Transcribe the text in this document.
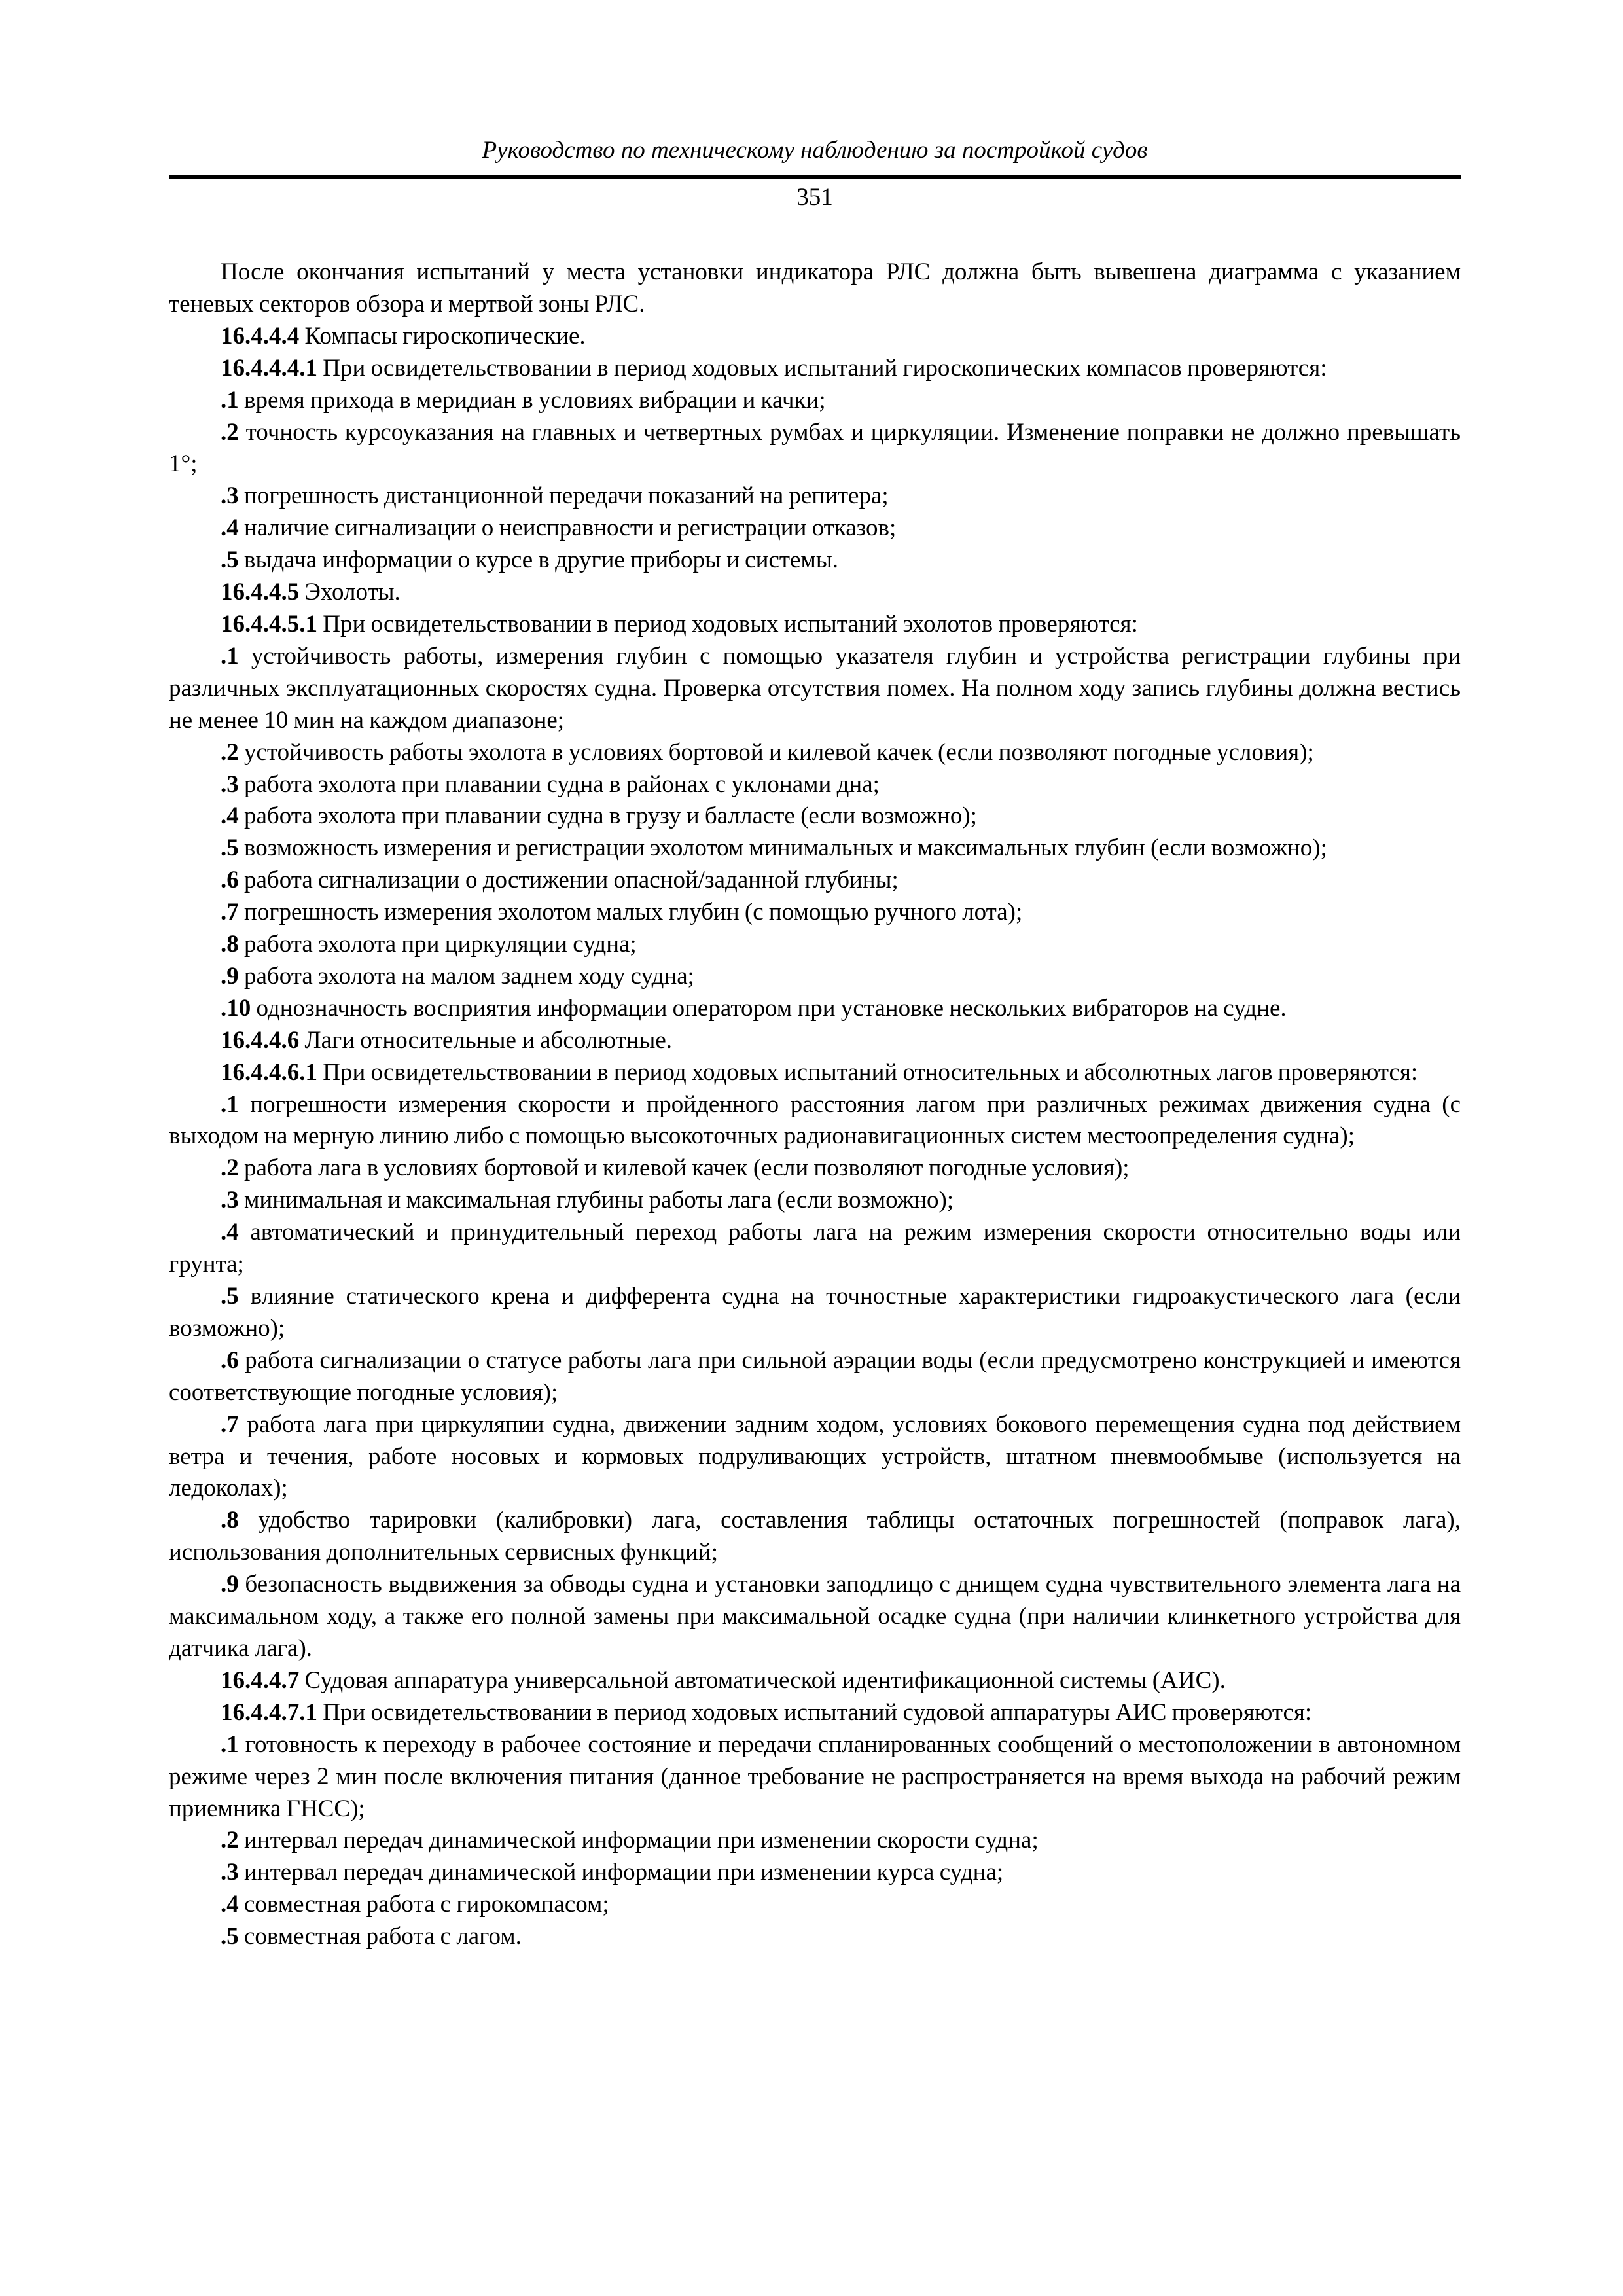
Руководство по техническому наблюдению за постройкой судов
351

После окончания испытаний у места установки индикатора РЛС должна быть вывешена диаграмма с указанием теневых секторов обзора и мертвой зоны РЛС.

16.4.4.4 Компасы гироскопические.

16.4.4.4.1 При освидетельствовании в период ходовых испытаний гироскопических компасов проверяются:

.1 время прихода в меридиан в условиях вибрации и качки;

.2 точность курсоуказания на главных и четвертных румбах и циркуляции. Изменение поправки не должно превышать 1°;

.3 погрешность дистанционной передачи показаний на репитера;

.4 наличие сигнализации о неисправности и регистрации отказов;

.5 выдача информации о курсе в другие приборы и системы.

16.4.4.5 Эхолоты.

16.4.4.5.1 При освидетельствовании в период ходовых испытаний эхолотов проверяются:

.1 устойчивость работы, измерения глубин с помощью указателя глубин и устройства регистрации глубины при различных эксплуатационных скоростях судна. Проверка отсутствия помех. На полном ходу запись глубины должна вестись не менее 10 мин на каждом диапазоне;

.2 устойчивость работы эхолота в условиях бортовой и килевой качек (если позволяют погодные условия);

.3 работа эхолота при плавании судна в районах с уклонами дна;

.4 работа эхолота при плавании судна в грузу и балласте (если возможно);

.5 возможность измерения и регистрации эхолотом минимальных и максимальных глубин (если возможно);

.6 работа сигнализации о достижении опасной/заданной глубины;

.7 погрешность измерения эхолотом малых глубин (с помощью ручного лота);

.8 работа эхолота при циркуляции судна;

.9 работа эхолота на малом заднем ходу судна;

.10 однозначность восприятия информации оператором при установке нескольких вибраторов на судне.

16.4.4.6 Лаги относительные и абсолютные.

16.4.4.6.1 При освидетельствовании в период ходовых испытаний относительных и абсолютных лагов проверяются:

.1 погрешности измерения скорости и пройденного расстояния лагом при различных режимах движения судна (с выходом на мерную линию либо с помощью высокоточных радионавигационных систем местоопределения судна);

.2 работа лага в условиях бортовой и килевой качек (если позволяют погодные условия);

.3 минимальная и максимальная глубины работы лага (если возможно);

.4 автоматический и принудительный переход работы лага на режим измерения скорости относительно воды или грунта;

.5 влияние статического крена и дифферента судна на точностные характеристики гидроакустического лага (если возможно);

.6 работа сигнализации о статусе работы лага при сильной аэрации воды (если предусмотрено конструкцией и имеются соответствующие погодные условия);

.7 работа лага при циркуляпии судна, движении задним ходом, условиях бокового перемещения судна под действием ветра и течения, работе носовых и кормовых подруливающих устройств, штатном пневмообмыве (используется на ледоколах);

.8 удобство тарировки (калибровки) лага, составления таблицы остаточных погрешностей (поправок лага), использования дополнительных сервисных функций;

.9 безопасность выдвижения за обводы судна и установки заподлицо с днищем судна чувствительного элемента лага на максимальном ходу, а также его полной замены при максимальной осадке судна (при наличии клинкетного устройства для датчика лага).

16.4.4.7 Судовая аппаратура универсальной автоматической идентификационной системы (АИС).

16.4.4.7.1 При освидетельствовании в период ходовых испытаний судовой аппаратуры АИС проверяются:

.1 готовность к переходу в рабочее состояние и передачи спланированных сообщений о местоположении в автономном режиме через 2 мин после включения питания (данное требование не распространяется на время выхода на рабочий режим приемника ГНСС);

.2 интервал передач динамической информации при изменении скорости судна;

.3 интервал передач динамической информации при изменении курса судна;

.4 совместная работа с гирокомпасом;

.5 совместная работа с лагом.
